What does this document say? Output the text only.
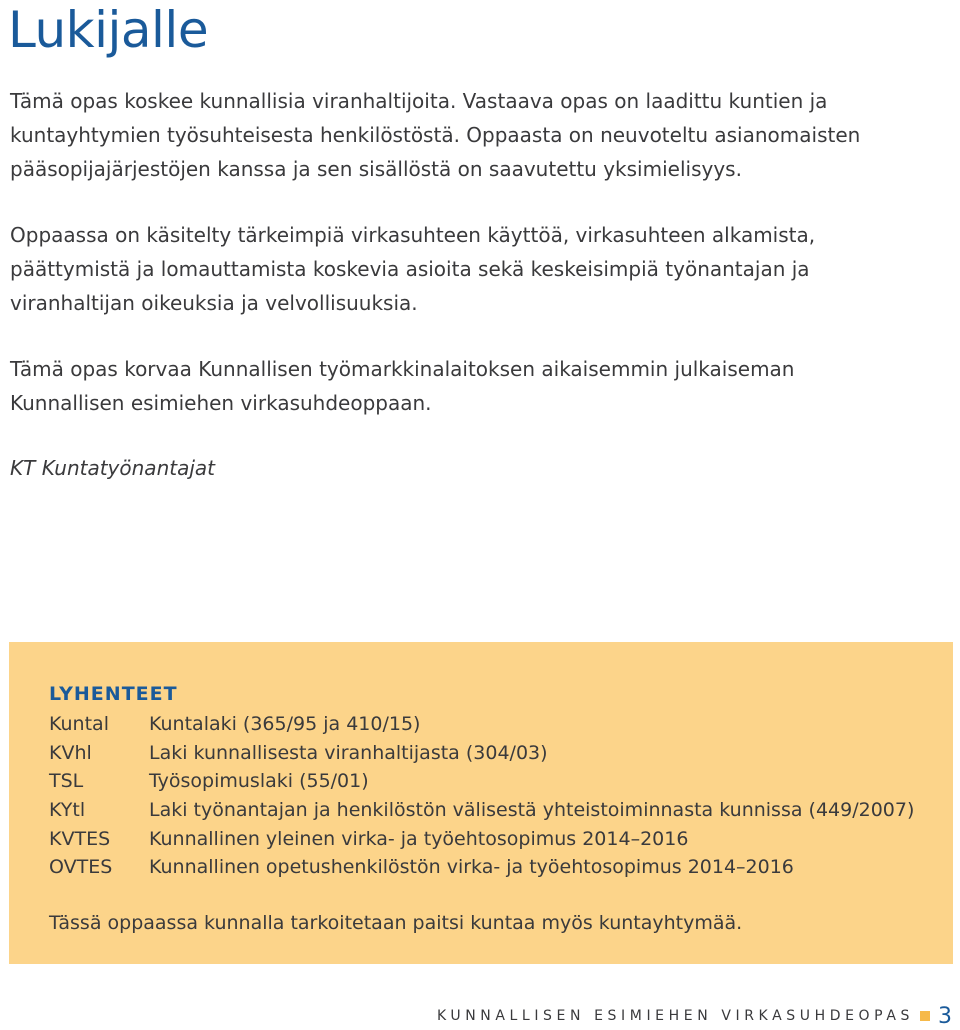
Lukijalle

Tämä opas koskee kunnallisia viranhaltijoita. Vastaava opas on laadittu kuntien ja kuntayhtymien työsuhteisesta henkilöstöstä. Oppaasta on neuvoteltu asianomaisten pääsopijajärjestöjen kanssa ja sen sisällöstä on saavutettu yksimielisyys.

Oppaassa on käsitelty tärkeimpiä virkasuhteen käyttöä, virkasuhteen alkamista, päättymistä ja lomauttamista koskevia asioita sekä keskeisimpiä työnantajan ja viranhaltijan oikeuksia ja velvollisuuksia.

Tämä opas korvaa Kunnallisen työmarkkinalaitoksen aikaisemmin julkaiseman Kunnallisen esimiehen virkasuhdeoppaan.

KT Kuntatyönantajat

LYHENTEET
Kuntal	Kuntalaki (365/95 ja 410/15)
KVhl	Laki kunnallisesta viranhaltijasta (304/03)
TSL	Työsopimuslaki (55/01)
KYtl	Laki työnantajan ja henkilöstön välisestä yhteistoiminnasta kunnissa (449/2007)
KVTES	Kunnallinen yleinen virka- ja työehtosopimus 2014–2016
OVTES	Kunnallinen opetushenkilöstön virka- ja työehtosopimus 2014–2016

Tässä oppaassa kunnalla tarkoitetaan paitsi kuntaa myös kuntayhtymää.

KUNNALLISEN ESIMIEHEN VIRKASUHDEOPAS 3
